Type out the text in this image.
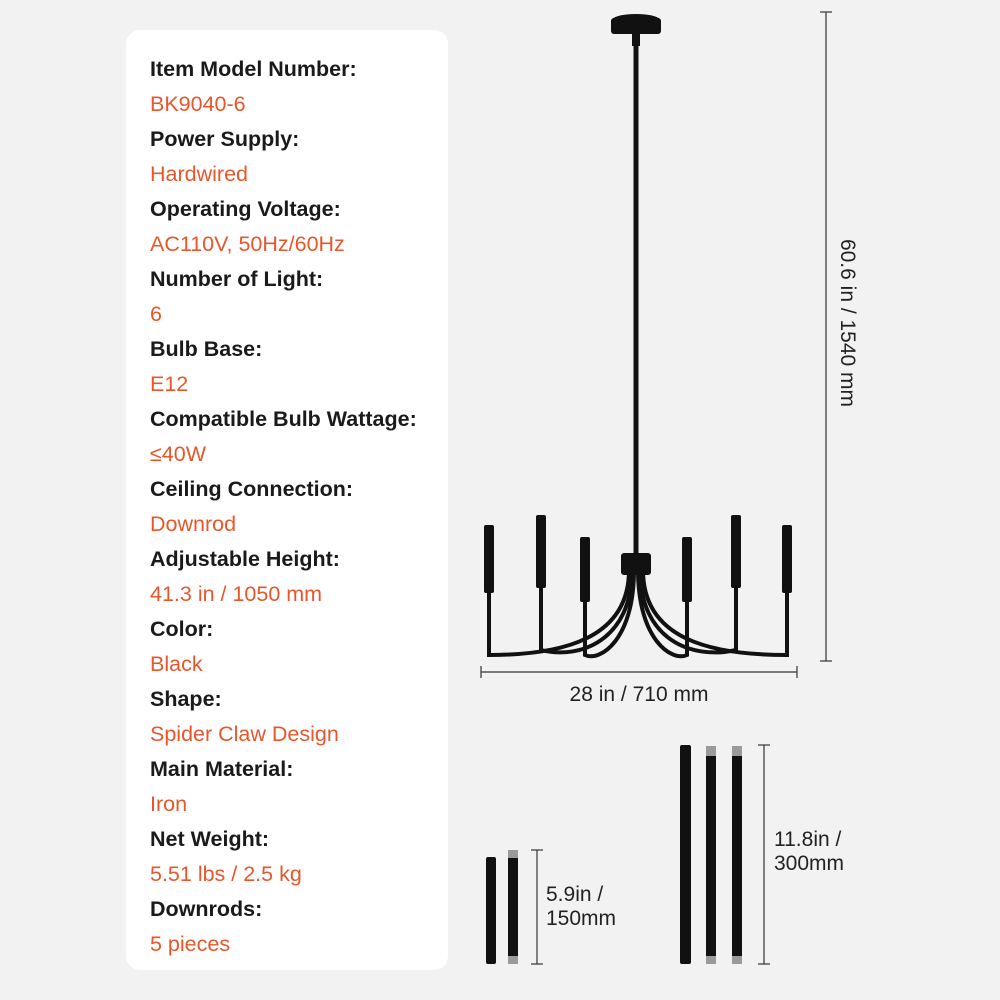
Item Model Number:
BK9040-6
Power Supply:
Hardwired
Operating Voltage:
AC110V, 50Hz/60Hz
Number of Light:
6
Bulb Base:
E12
Compatible Bulb Wattage:
≤40W
Ceiling Connection:
Downrod
Adjustable Height:
41.3 in / 1050 mm
Color:
Black
Shape:
Spider Claw Design
Main Material:
Iron
Net Weight:
5.51 lbs / 2.5 kg
Downrods:
5 pieces
60.6 in / 1540 mm
28 in / 710 mm
11.8in /
300mm
5.9in /
150mm
